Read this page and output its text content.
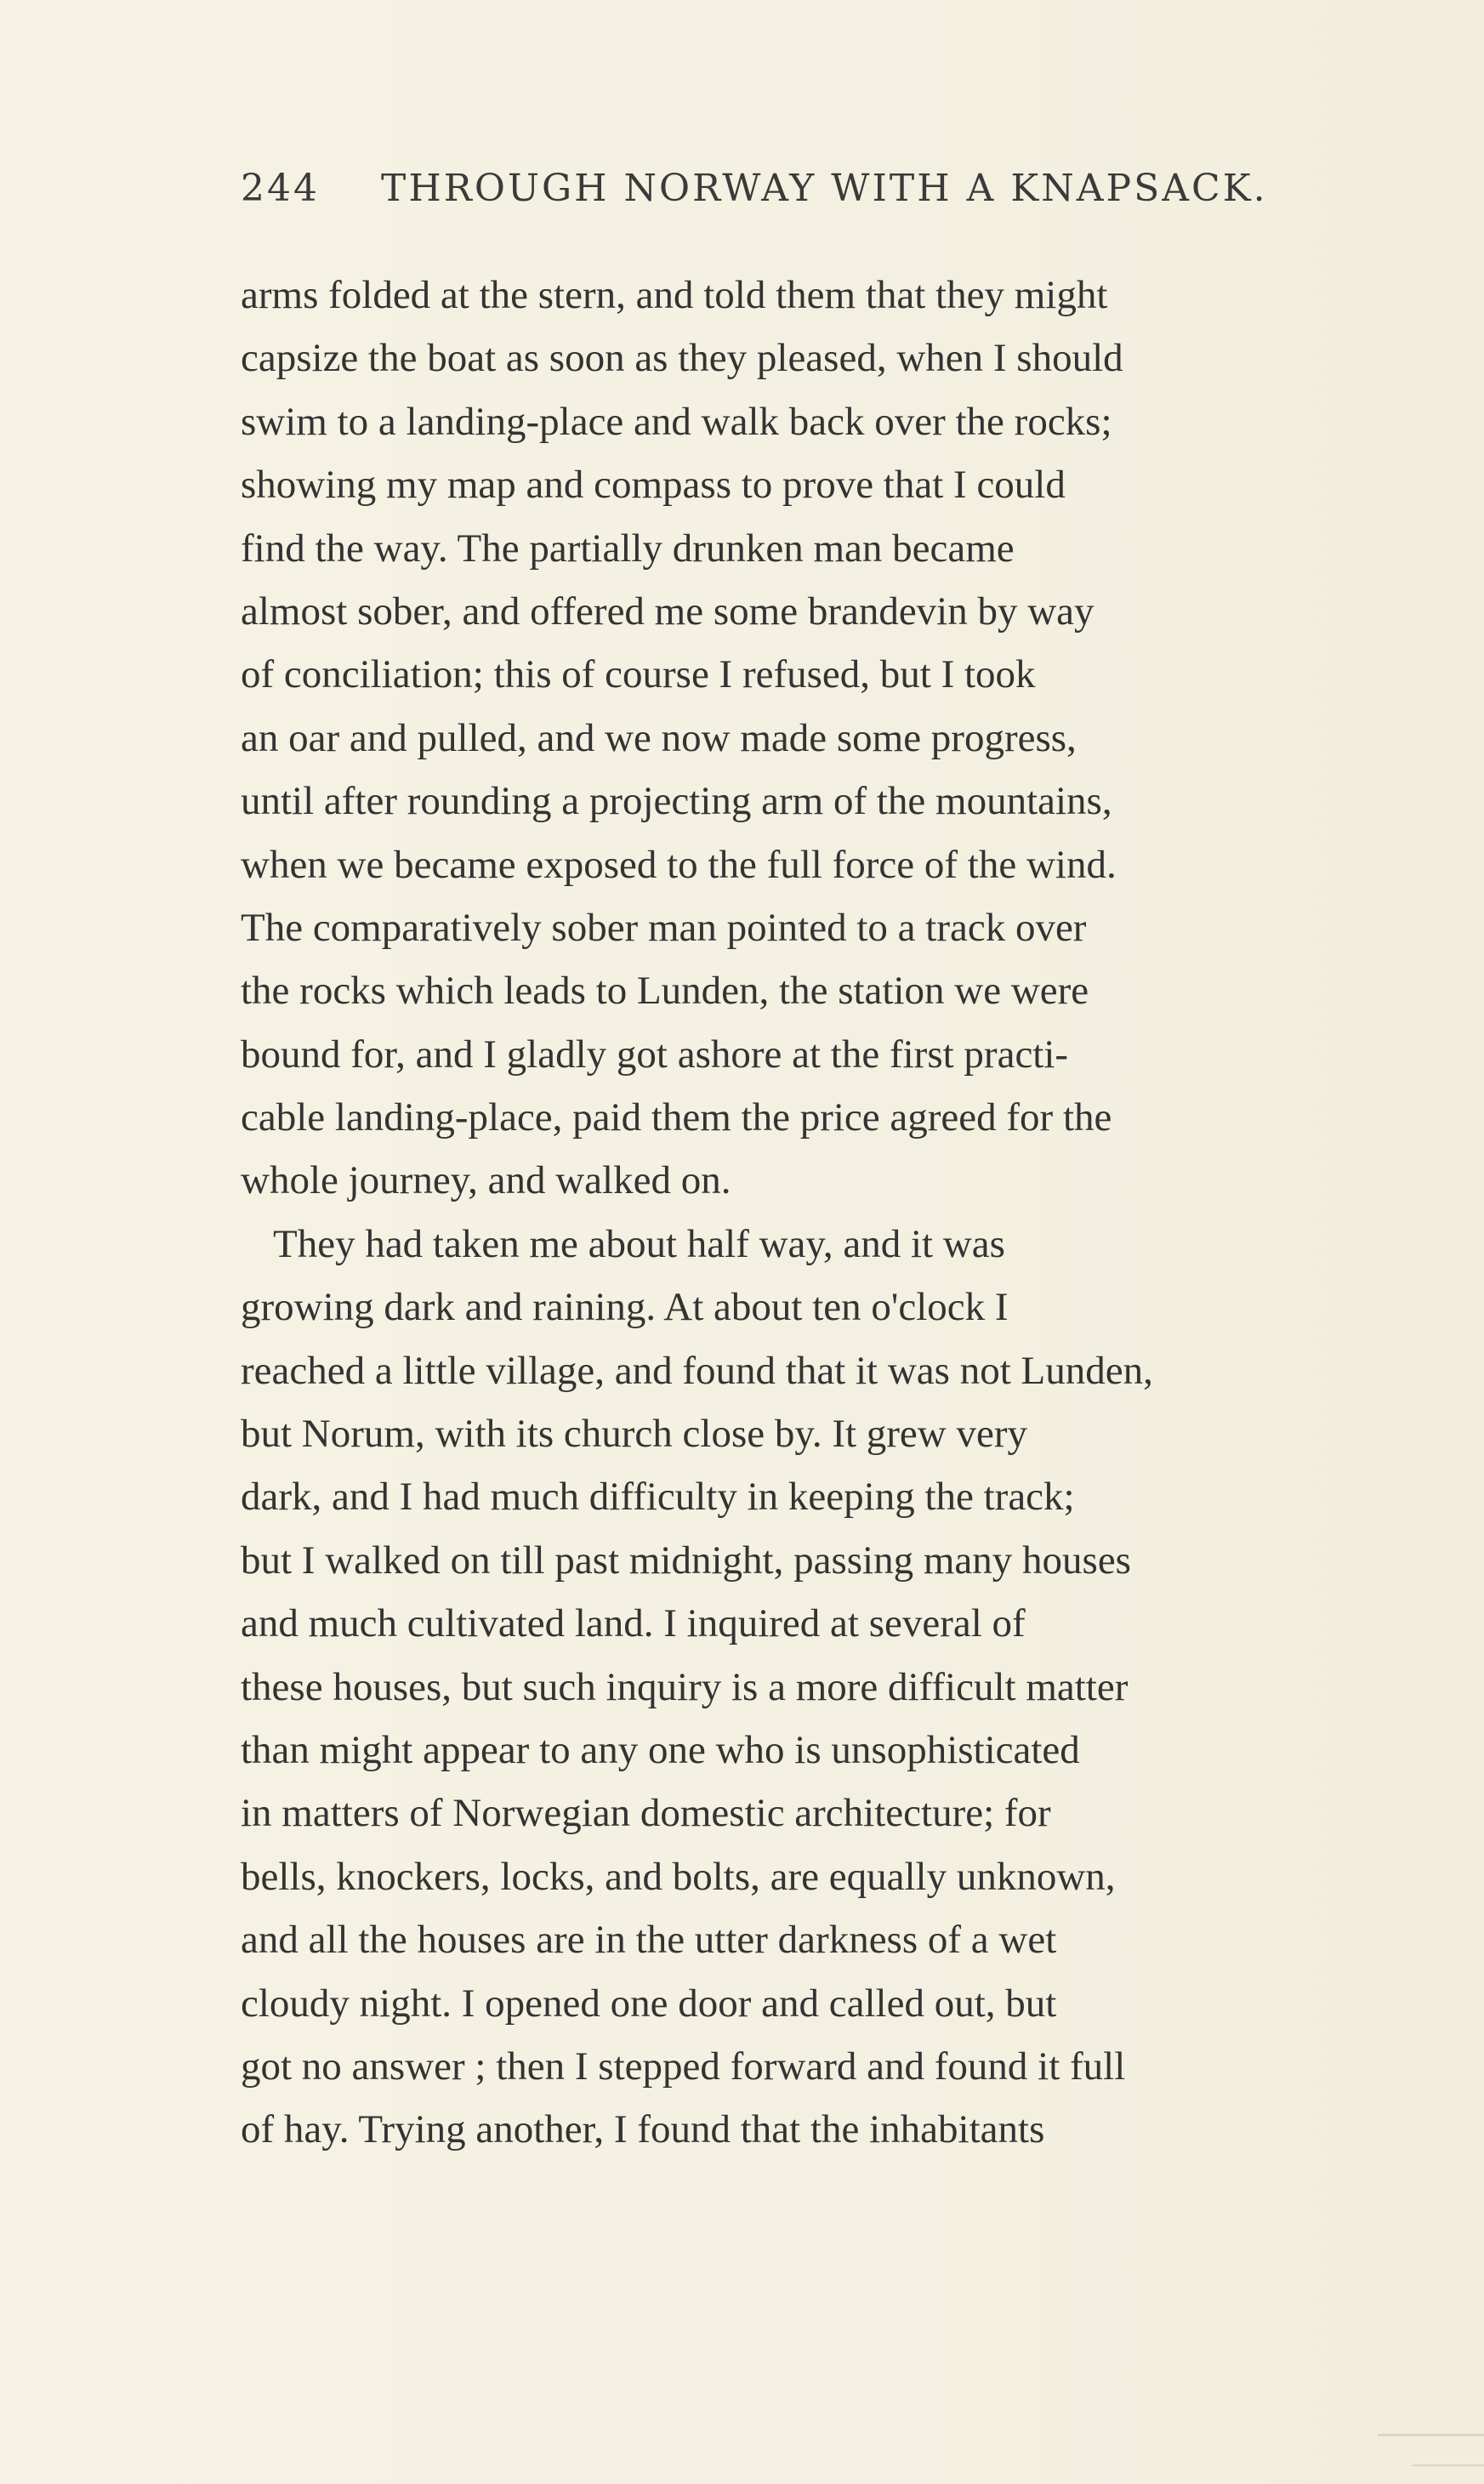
244 THROUGH NORWAY WITH A KNAPSACK.
arms folded at the stern, and told them that they might
capsize the boat as soon as they pleased, when I should
swim to a landing-place and walk back over the rocks;
showing my map and compass to prove that I could
find the way. The partially drunken man became
almost sober, and offered me some brandevin by way
of conciliation; this of course I refused, but I took
an oar and pulled, and we now made some progress,
until after rounding a projecting arm of the mountains,
when we became exposed to the full force of the wind.
The comparatively sober man pointed to a track over
the rocks which leads to Lunden, the station we were
bound for, and I gladly got ashore at the first practi-
cable landing-place, paid them the price agreed for the
whole journey, and walked on.
They had taken me about half way, and it was
growing dark and raining. At about ten o'clock I
reached a little village, and found that it was not Lunden,
but Norum, with its church close by. It grew very
dark, and I had much difficulty in keeping the track;
but I walked on till past midnight, passing many houses
and much cultivated land. I inquired at several of
these houses, but such inquiry is a more difficult matter
than might appear to any one who is unsophisticated
in matters of Norwegian domestic architecture; for
bells, knockers, locks, and bolts, are equally unknown,
and all the houses are in the utter darkness of a wet
cloudy night. I opened one door and called out, but
got no answer ; then I stepped forward and found it full
of hay. Trying another, I found that the inhabitants
